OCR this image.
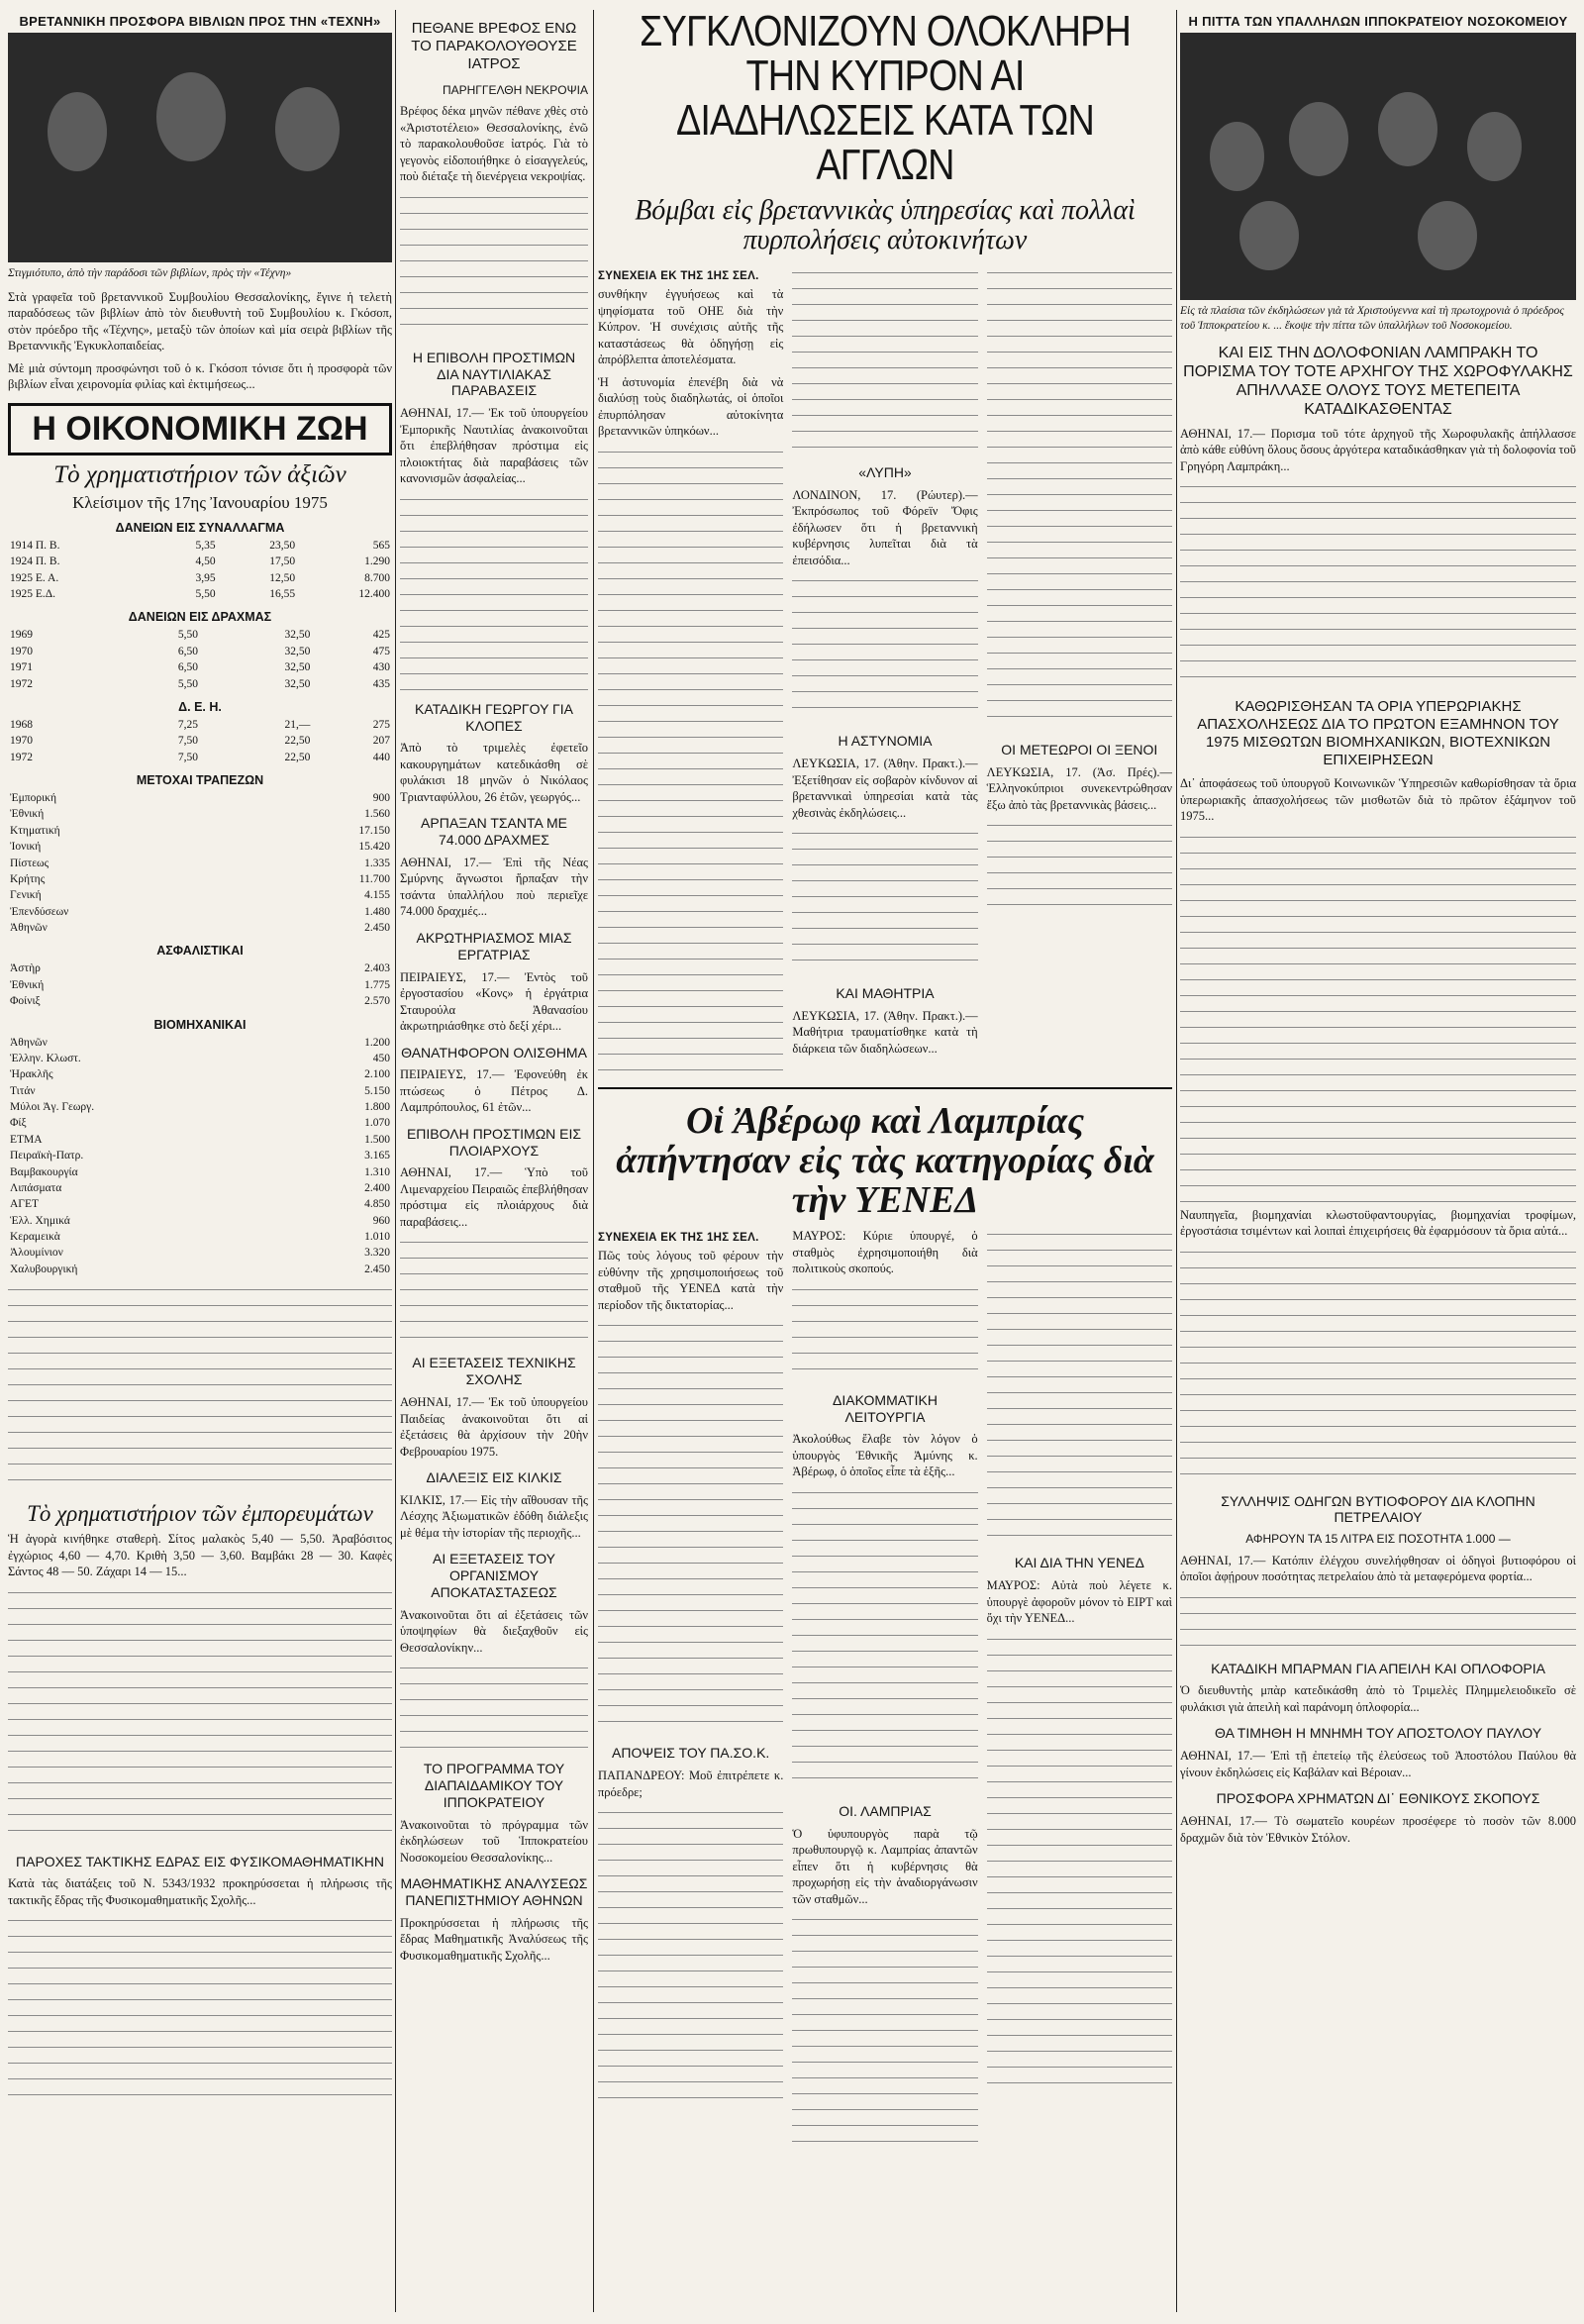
ΒΡΕΤΑΝΝΙΚΗ ΠΡΟΣΦΟΡΑ ΒΙΒΛΙΩΝ ΠΡΟΣ ΤΗΝ «ΤΕΧΝΗ»
Στιγμιότυπο, ἀπὸ τὴν παράδοσι τῶν βιβλίων, πρὸς τὴν «Τέχνη»

Στὰ γραφεῖα τοῦ βρεταννικοῦ Συμβουλίου Θεσσαλονίκης, ἔγινε ἡ τελετὴ παραδόσεως τῶν βιβλίων ἀπὸ τὸν διευθυντὴ τοῦ Συμβουλίου κ. Γκόσοπ, στὸν πρόεδρο τῆς «Τέχνης», μεταξὺ τῶν ὁποίων καὶ μία σειρὰ βιβλίων τῆς Βρεταννικῆς Ἐγκυκλοπαιδείας.

Μὲ μιὰ σύντομη προσφώνησι τοῦ ὁ κ. Γκόσοπ τόνισε ὅτι ἡ προσφορὰ τῶν βιβλίων εἶναι χειρονομία φιλίας καὶ ἐκτιμήσεως...

Η ΟΙΚΟΝΟΜΙΚΗ ΖΩΗ
Τὸ χρηματιστήριον τῶν ἀξιῶν
Κλείσιμον τῆς 17ης Ἰανουαρίου 1975
ΔΑΝΕΙΩΝ ΕΙΣ ΣΥΝΑΛΛΑΓΜΑ
1914 Π. Β.	5,35	23,50	565
1924 Π. Β.	4,50	17,50	1.290
1925 Ε. Α.	3,95	12,50	8.700
1925 Ε.Δ.	5,50	16,55	12.400
ΔΑΝΕΙΩΝ ΕΙΣ ΔΡΑΧΜΑΣ
1969	5,50	32,50	425
1970	6,50	32,50	475
1971	6,50	32,50	430
1972	5,50	32,50	435
Δ. Ε. Η.
1968	7,25	21,—	275
1970	7,50	22,50	207
1972	7,50	22,50	440
ΜΕΤΟΧΑΙ ΤΡΑΠΕΖΩΝ
Ἐμπορική	900
Ἐθνική	1.560
Κτηματική	17.150
Ἰονική	15.420
Πίστεως	1.335
Κρήτης	11.700
Γενική	4.155
Ἐπενδύσεων	1.480
Ἀθηνῶν	2.450
ΑΣΦΑΛΙΣΤΙΚΑΙ
Ἀστὴρ	2.403
Ἐθνική	1.775
Φοίνιξ	2.570
ΒΙΟΜΗΧΑΝΙΚΑΙ
Ἀθηνῶν	1.200
Ἑλλην. Κλωστ.	450
Ἡρακλῆς	2.100
Τιτάν	5.150
Μύλοι Ἀγ. Γεωργ.	1.800
Φίξ	1.070
ΕΤΜΑ	1.500
Πειραϊκὴ-Πατρ.	3.165
Βαμβακουργία	1.310
Λιπάσματα	2.400
ΑΓΕΤ	4.850
Ἑλλ. Χημικά	960
Κεραμεικὰ	1.010
Ἀλουμίνιον	3.320
Χαλυβουργική	2.450
Τὸ χρηματιστήριον τῶν ἐμπορευμάτων

Ἡ ἀγορὰ κινήθηκε σταθερὴ. Σίτος μαλακὸς 5,40 — 5,50. Ἀραβόσιτος ἐγχώριος 4,60 — 4,70. Κριθὴ 3,50 — 3,60. Βαμβάκι 28 — 30. Καφὲς Σάντος 48 — 50. Ζάχαρι 14 — 15...

ΠΑΡΟΧΕΣ ΤΑΚΤΙΚΗΣ ΕΔΡΑΣ ΕΙΣ ΦΥΣΙΚΟΜΑΘΗΜΑΤΙΚΗΝ

Κατὰ τὰς διατάξεις τοῦ Ν. 5343/1932 προκηρύσσεται ἡ πλήρωσις τῆς τακτικῆς ἕδρας τῆς Φυσικομαθηματικῆς Σχολῆς...

ΠΕΘΑΝΕ ΒΡΕΦΟΣ ΕΝΩ ΤΟ ΠΑΡΑΚΟΛΟΥΘΟΥΣΕ ΙΑΤΡΟΣ
ΠΑΡΗΓΓΕΛΘΗ ΝΕΚΡΟΨΙΑ

Βρέφος δέκα μηνῶν πέθανε χθὲς στὸ «Ἀριστοτέλειο» Θεσσαλονίκης, ἐνῶ τὸ παρακολουθοῦσε ἰατρός. Γιὰ τὸ γεγονὸς εἰδοποιήθηκε ὁ εἰσαγγελεύς, ποὺ διέταξε τὴ διενέργεια νεκροψίας.

Η ΕΠΙΒΟΛΗ ΠΡΟΣΤΙΜΩΝ ΔΙΑ ΝΑΥΤΙΛΙΑΚΑΣ ΠΑΡΑΒΑΣΕΙΣ

ΑΘΗΝΑΙ, 17.— Ἐκ τοῦ ὑπουργείου Ἐμπορικῆς Ναυτιλίας ἀνακοινοῦται ὅτι ἐπεβλήθησαν πρόστιμα εἰς πλοιοκτήτας διὰ παραβάσεις τῶν κανονισμῶν ἀσφαλείας...

ΚΑΤΑΔΙΚΗ ΓΕΩΡΓΟΥ ΓΙΑ ΚΛΟΠΕΣ

Ἀπὸ τὸ τριμελὲς ἐφετεῖο κακουργημάτων κατεδικάσθη σὲ φυλάκισι 18 μηνῶν ὁ Νικόλαος Τριανταφύλλου, 26 ἐτῶν, γεωργός...

ΑΡΠΑΞΑΝ ΤΣΑΝΤΑ ΜΕ 74.000 ΔΡΑΧΜΕΣ

ΑΘΗΝΑΙ, 17.— Ἐπὶ τῆς Νέας Σμύρνης ἄγνωστοι ἥρπαξαν τὴν τσάντα ὑπαλλήλου ποὺ περιεῖχε 74.000 δραχμές...

ΑΚΡΩΤΗΡΙΑΣΜΟΣ ΜΙΑΣ ΕΡΓΑΤΡΙΑΣ

ΠΕΙΡΑΙΕΥΣ, 17.— Ἐντὸς τοῦ ἐργοστασίου «Κονς» ἡ ἐργάτρια Σταυρούλα Ἀθανασίου ἀκρωτηριάσθηκε στὸ δεξί χέρι...

ΘΑΝΑΤΗΦΟΡΟΝ ΟΛΙΣΘΗΜΑ

ΠΕΙΡΑΙΕΥΣ, 17.— Ἐφονεύθη ἐκ πτώσεως ὁ Πέτρος Δ. Λαμπρόπουλος, 61 ἐτῶν...

ΕΠΙΒΟΛΗ ΠΡΟΣΤΙΜΩΝ ΕΙΣ ΠΛΟΙΑΡΧΟΥΣ

ΑΘΗΝΑΙ, 17.— Ὑπὸ τοῦ Λιμεναρχείου Πειραιῶς ἐπεβλήθησαν πρόστιμα εἰς πλοιάρχους διὰ παραβάσεις...

ΑΙ ΕΞΕΤΑΣΕΙΣ ΤΕΧΝΙΚΗΣ ΣΧΟΛΗΣ

ΑΘΗΝΑΙ, 17.— Ἐκ τοῦ ὑπουργείου Παιδείας ἀνακοινοῦται ὅτι αἱ ἐξετάσεις θὰ ἀρχίσουν τὴν 20ὴν Φεβρουαρίου 1975.

ΔΙΑΛΕΞΙΣ ΕΙΣ ΚΙΛΚΙΣ

ΚΙΛΚΙΣ, 17.— Εἰς τὴν αἴθουσαν τῆς Λέσχης Ἀξιωματικῶν ἐδόθη διάλεξις μὲ θέμα τὴν ἱστορίαν τῆς περιοχῆς...

ΑΙ ΕΞΕΤΑΣΕΙΣ ΤΟΥ ΟΡΓΑΝΙΣΜΟΥ ΑΠΟΚΑΤΑΣΤΑΣΕΩΣ

Ἀνακοινοῦται ὅτι αἱ ἐξετάσεις τῶν ὑποψηφίων θὰ διεξαχθοῦν εἰς Θεσσαλονίκην...

ΤΟ ΠΡΟΓΡΑΜΜΑ ΤΟΥ ΔΙΑΠΑΙΔΑΜΙΚΟΥ ΤΟΥ ΙΠΠΟΚΡΑΤΕΙΟΥ

Ἀνακοινοῦται τὸ πρόγραμμα τῶν ἐκδηλώσεων τοῦ Ἱπποκρατείου Νοσοκομείου Θεσσαλονίκης...

ΜΑΘΗΜΑΤΙΚΗΣ ΑΝΑΛΥΣΕΩΣ ΠΑΝΕΠΙΣΤΗΜΙΟΥ ΑΘΗΝΩΝ

Προκηρύσσεται ἡ πλήρωσις τῆς ἕδρας Μαθηματικῆς Ἀναλύσεως τῆς Φυσικομαθηματικῆς Σχολῆς...

ΣΥΓΚΛΟΝΙΖΟΥΝ ΟΛΟΚΛΗΡΗ ΤΗΝ ΚΥΠΡΟΝ ΑΙ ΔΙΑΔΗΛΩΣΕΙΣ ΚΑΤΑ ΤΩΝ ΑΓΓΛΩΝ
Βόμβαι εἰς βρεταννικὰς ὑπηρεσίας καὶ πολλαὶ πυρπολήσεις αὐτοκινήτων
ΣΥΝΕΧΕΙΑ ΕΚ ΤΗΣ 1ΗΣ ΣΕΛ.

συνθήκην ἐγγυήσεως καὶ τὰ ψηφίσματα τοῦ ΟΗΕ διὰ τὴν Κύπρον. Ἡ συνέχισις αὐτῆς τῆς καταστάσεως θὰ ὁδηγήσῃ εἰς ἀπρόβλεπτα ἀποτελέσματα.

Ἡ ἀστυνομία ἐπενέβη διὰ νὰ διαλύσῃ τοὺς διαδηλωτάς, οἱ ὁποῖοι ἐπυρπόλησαν αὐτοκίνητα βρεταννικῶν ὑπηκόων...

«ΛΥΠΗ»

ΛΟΝΔΙΝΟΝ, 17. (Ρώυτερ).— Ἐκπρόσωπος τοῦ Φόρεϊν Ὄφις ἐδήλωσεν ὅτι ἡ βρεταννικὴ κυβέρνησις λυπεῖται διὰ τὰ ἐπεισόδια...

Η ΑΣΤΥΝΟΜΙΑ

ΛΕΥΚΩΣΙΑ, 17. (Ἀθην. Πρακτ.).— Ἐξετίθησαν εἰς σοβαρὸν κίνδυνον αἱ βρεταννικαὶ ὑπηρεσίαι κατὰ τὰς χθεσινὰς ἐκδηλώσεις...

ΚΑΙ ΜΑΘΗΤΡΙΑ

ΛΕΥΚΩΣΙΑ, 17. (Ἀθην. Πρακτ.).— Μαθήτρια τραυματίσθηκε κατὰ τὴ διάρκεια τῶν διαδηλώσεων...

ΟΙ ΜΕΤΕΩΡΟΙ ΟΙ ΞΕΝΟΙ

ΛΕΥΚΩΣΙΑ, 17. (Ἀσ. Πρές).— Ἑλληνοκύπριοι συνεκεντρώθησαν ἔξω ἀπὸ τὰς βρεταννικὰς βάσεις...

Οἱ Ἀβέρωφ καὶ Λαμπρίας ἀπήντησαν εἰς τὰς κατηγορίας διὰ τὴν ΥΕΝΕΔ
ΣΥΝΕΧΕΙΑ ΕΚ ΤΗΣ 1ΗΣ ΣΕΛ.

Πῶς τοὺς λόγους τοῦ φέρουν τὴν εὐθύνην τῆς χρησιμοποιήσεως τοῦ σταθμοῦ τῆς ΥΕΝΕΔ κατὰ τὴν περίοδον τῆς δικτατορίας...

ΑΠΟΨΕΙΣ ΤΟΥ ΠΑ.ΣΟ.Κ.

ΠΑΠΑΝΔΡΕΟΥ: Μοῦ ἐπιτρέπετε κ. πρόεδρε;

ΜΑΥΡΟΣ: Κύριε ὑπουργέ, ὁ σταθμὸς ἐχρησιμοποιήθη διὰ πολιτικοὺς σκοπούς.

ΔΙΑΚΟΜΜΑΤΙΚΗ ΛΕΙΤΟΥΡΓΙΑ

Ἀκολούθως ἔλαβε τὸν λόγον ὁ ὑπουργὸς Ἐθνικῆς Ἀμύνης κ. Ἀβέρωφ, ὁ ὁποῖος εἶπε τὰ ἑξῆς...

ΟΙ. ΛΑΜΠΡΙΑΣ

Ὁ ὑφυπουργὸς παρὰ τῷ πρωθυπουργῷ κ. Λαμπρίας ἀπαντῶν εἶπεν ὅτι ἡ κυβέρνησις θὰ προχωρήσῃ εἰς τὴν ἀναδιοργάνωσιν τῶν σταθμῶν...

ΚΑΙ ΔΙΑ ΤΗΝ ΥΕΝΕΔ

ΜΑΥΡΟΣ: Αὐτὰ ποὺ λέγετε κ. ὑπουργὲ ἀφοροῦν μόνον τὸ ΕΙΡΤ καὶ ὄχι τὴν ΥΕΝΕΔ...

Η ΠΙΤΤΑ ΤΩΝ ΥΠΑΛΛΗΛΩΝ ΙΠΠΟΚΡΑΤΕΙΟΥ ΝΟΣΟΚΟΜΕΙΟΥ
Εἰς τὰ πλαίσια τῶν ἐκδηλώσεων γιὰ τὰ Χριστούγεννα καὶ τὴ πρωτοχρονιὰ ὁ πρόεδρος τοῦ Ἱπποκρατείου κ. ... ἔκοψε τὴν πίττα τῶν ὑπαλλήλων τοῦ Νοσοκομείου.
ΚΑΙ ΕΙΣ ΤΗΝ ΔΟΛΟΦΟΝΙΑΝ ΛΑΜΠΡΑΚΗ ΤΟ ΠΟΡΙΣΜΑ ΤΟΥ ΤΟΤΕ ΑΡΧΗΓΟΥ ΤΗΣ ΧΩΡΟΦΥΛΑΚΗΣ ΑΠΗΛΛΑΣΕ ΟΛΟΥΣ ΤΟΥΣ ΜΕΤΕΠΕΙΤΑ ΚΑΤΑΔΙΚΑΣΘΕΝΤΑΣ

ΑΘΗΝΑΙ, 17.— Πορισμα τοῦ τότε ἀρχηγοῦ τῆς Χωροφυλακῆς ἀπήλλασσε ἀπὸ κάθε εὐθύνη ὅλους ὅσους ἀργότερα καταδικάσθηκαν γιὰ τὴ δολοφονία τοῦ Γρηγόρη Λαμπράκη...

ΚΑΘΩΡΙΣΘΗΣΑΝ ΤΑ ΟΡΙΑ ΥΠΕΡΩΡΙΑΚΗΣ ΑΠΑΣΧΟΛΗΣΕΩΣ ΔΙΑ ΤΟ ΠΡΩΤΟΝ ΕΞΑΜΗΝΟΝ ΤΟΥ 1975 ΜΙΣΘΩΤΩΝ ΒΙΟΜΗΧΑΝΙΚΩΝ, ΒΙΟΤΕΧΝΙΚΩΝ ΕΠΙΧΕΙΡΗΣΕΩΝ

Δι᾽ ἀποφάσεως τοῦ ὑπουργοῦ Κοινωνικῶν Ὑπηρεσιῶν καθωρίσθησαν τὰ ὅρια ὑπερωριακῆς ἀπασχολήσεως τῶν μισθωτῶν διὰ τὸ πρῶτον ἑξάμηνον τοῦ 1975...

Ναυπηγεῖα, βιομηχανίαι κλωστοϋφαντουργίας, βιομηχανίαι τροφίμων, ἐργοστάσια τσιμέντων καὶ λοιπαὶ ἐπιχειρήσεις θὰ ἐφαρμόσουν τὰ ὅρια αὐτά...

ΣΥΛΛΗΨΙΣ ΟΔΗΓΩΝ ΒΥΤΙΟΦΟΡΟΥ ΔΙΑ ΚΛΟΠΗΝ ΠΕΤΡΕΛΑΙΟΥ
ΑΦΗΡΟΥΝ ΤΑ 15 ΛΙΤΡΑ ΕΙΣ ΠΟΣΟΤΗΤΑ 1.000 —

ΑΘΗΝΑΙ, 17.— Κατόπιν ἐλέγχου συνελήφθησαν οἱ ὁδηγοὶ βυτιοφόρου οἱ ὁποῖοι ἀφῄρουν ποσότητας πετρελαίου ἀπὸ τὰ μεταφερόμενα φορτία...

ΚΑΤΑΔΙΚΗ ΜΠΑΡΜΑΝ ΓΙΑ ΑΠΕΙΛΗ ΚΑΙ ΟΠΛΟΦΟΡΙΑ

Ὁ διευθυντὴς μπὰρ κατεδικάσθη ἀπὸ τὸ Τριμελὲς Πλημμελειοδικεῖο σὲ φυλάκισι γιὰ ἀπειλὴ καὶ παράνομη ὁπλοφορία...

ΘΑ ΤΙΜΗΘΗ Η ΜΝΗΜΗ ΤΟΥ ΑΠΟΣΤΟΛΟΥ ΠΑΥΛΟΥ

ΑΘΗΝΑΙ, 17.— Ἐπὶ τῇ ἐπετείῳ τῆς ἐλεύσεως τοῦ Ἀποστόλου Παύλου θὰ γίνουν ἐκδηλώσεις εἰς Καβάλαν καὶ Βέροιαν...

ΠΡΟΣΦΟΡΑ ΧΡΗΜΑΤΩΝ ΔΙ᾽ ΕΘΝΙΚΟΥΣ ΣΚΟΠΟΥΣ

ΑΘΗΝΑΙ, 17.— Τὸ σωματεῖο κουρέων προσέφερε τὸ ποσὸν τῶν 8.000 δραχμῶν διὰ τὸν Ἐθνικὸν Στόλον.
